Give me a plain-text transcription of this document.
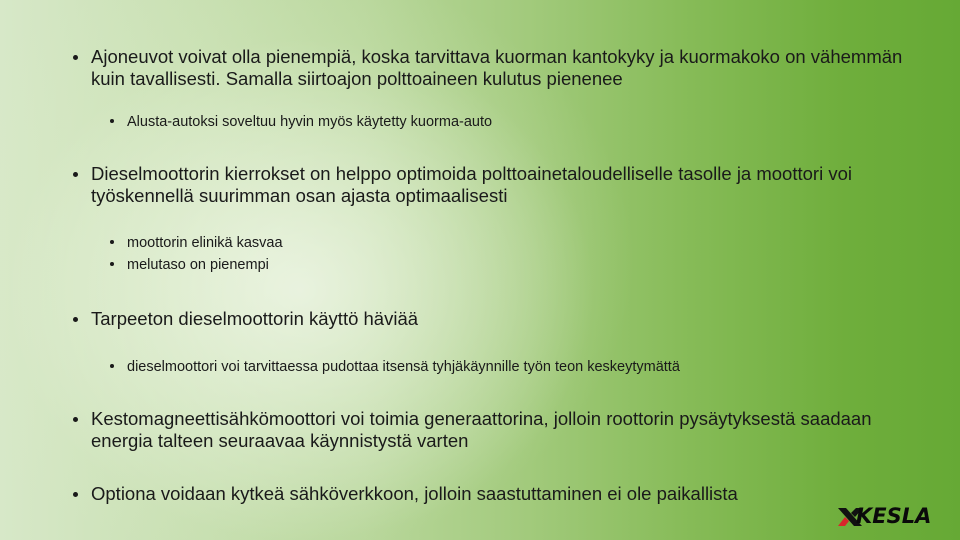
Ajoneuvot voivat olla pienempiä, koska tarvittava kuorman kantokyky ja kuormakoko on vähemmän kuin tavallisesti. Samalla siirtoajon polttoaineen kulutus pienenee
Alusta-autoksi soveltuu hyvin myös käytetty kuorma-auto
Dieselmoottorin kierrokset on helppo optimoida polttoainetaloudelliselle tasolle ja moottori voi työskennellä suurimman osan ajasta optimaalisesti
moottorin elinikä kasvaa
melutaso on pienempi
Tarpeeton dieselmoottorin käyttö häviää
dieselmoottori voi tarvittaessa pudottaa itsensä tyhjäkäynnille työn teon keskeytymättä
Kestomagneettisähkömoottori voi toimia generaattorina, jolloin roottorin pysäytyksestä saadaan energia talteen seuraavaa käynnistystä varten
Optiona voidaan kytkeä sähköverkkoon, jolloin saastuttaminen ei ole paikallista
KESLA
